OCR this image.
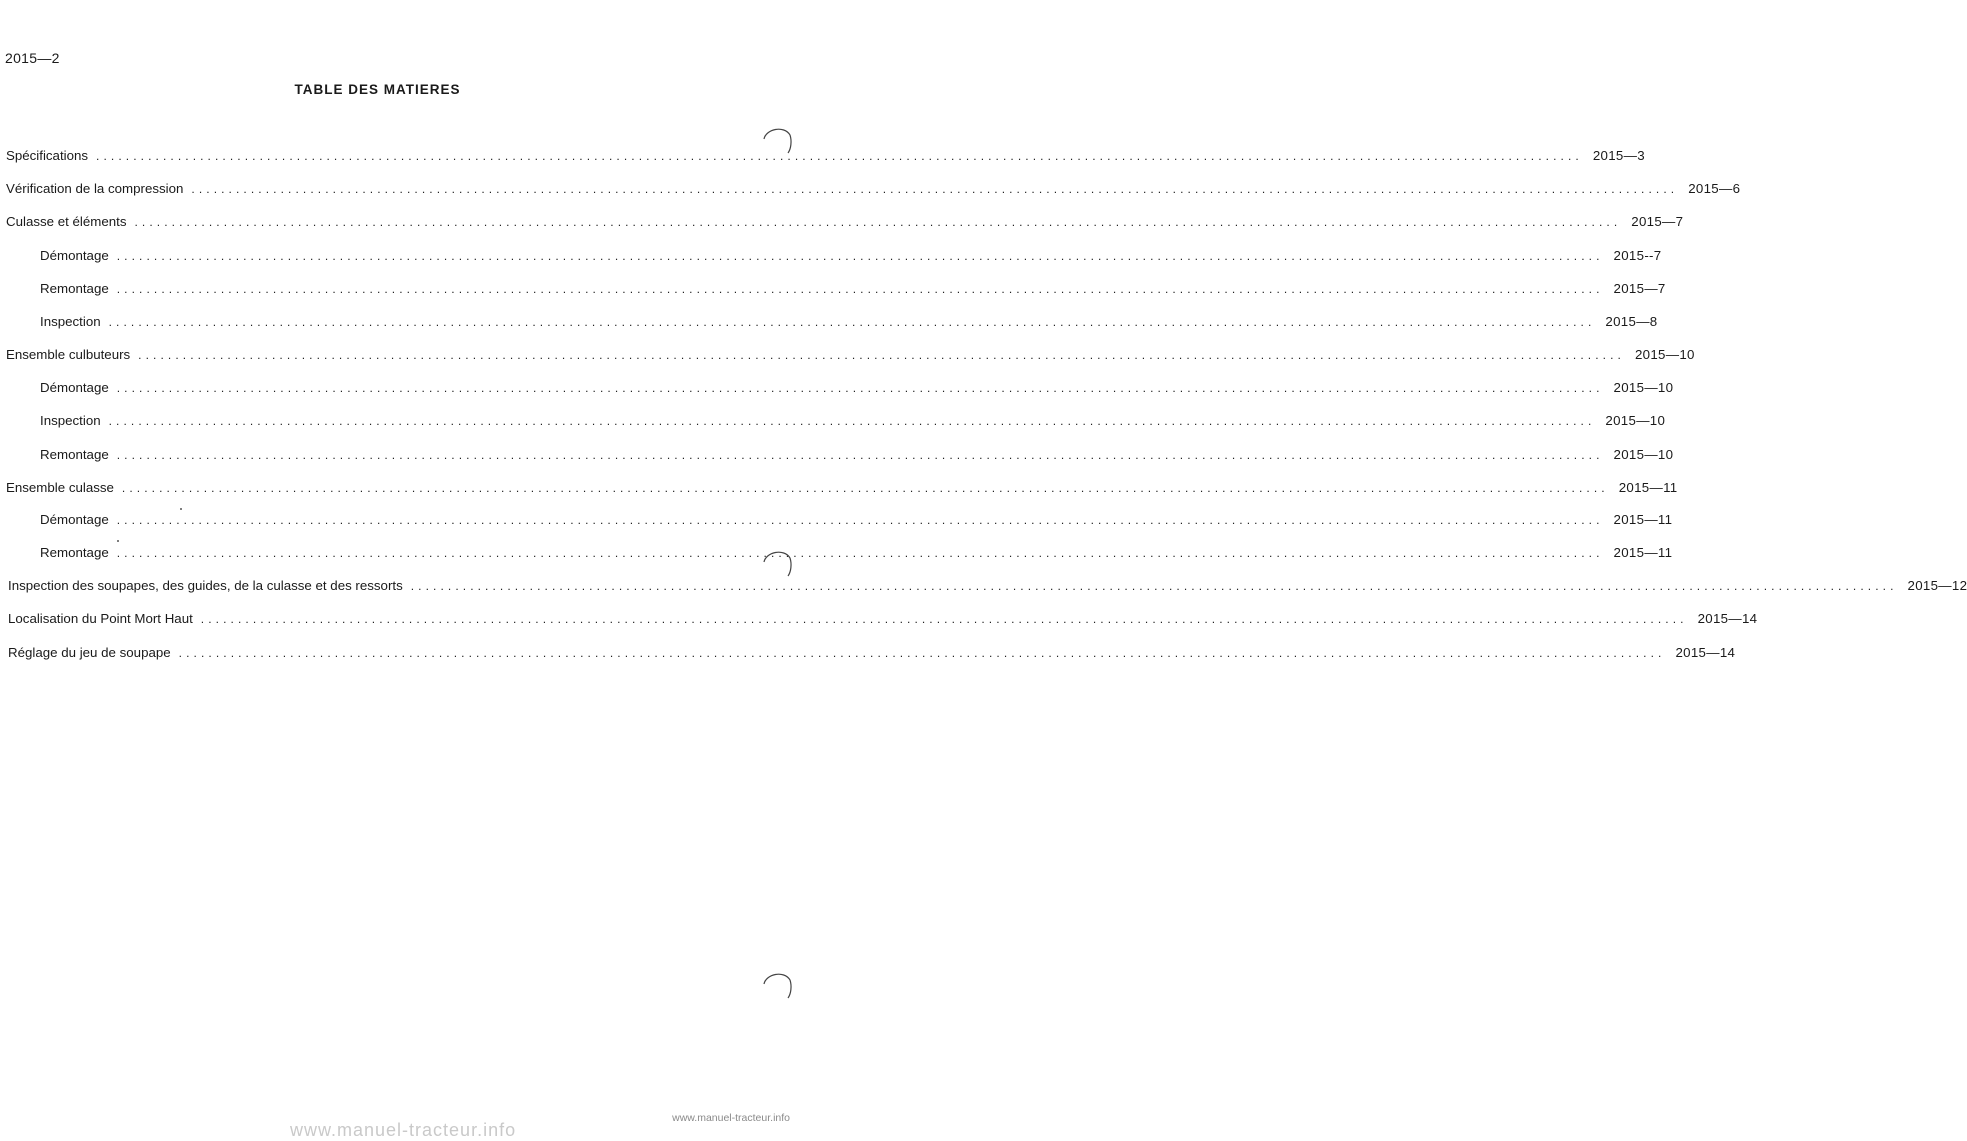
2015—2
TABLE DES MATIERES
Spécifications ........................................................................................................................................................................................................ 2015—3
Vérification de la compression ........................................................................................................................................................................................................ 2015—6
Culasse et éléments ........................................................................................................................................................................................................ 2015—7
Démontage ........................................................................................................................................................................................................ 2015--7
Remontage ........................................................................................................................................................................................................ 2015—7
Inspection ........................................................................................................................................................................................................ 2015—8
Ensemble culbuteurs ........................................................................................................................................................................................................ 2015—10
Démontage ........................................................................................................................................................................................................ 2015—10
Inspection ........................................................................................................................................................................................................ 2015—10
Remontage ........................................................................................................................................................................................................ 2015—10
Ensemble culasse ........................................................................................................................................................................................................ 2015—11
Démontage ........................................................................................................................................................................................................ 2015—11
Remontage ........................................................................................................................................................................................................ 2015—11
Inspection des soupapes, des guides, de la culasse et des ressorts ........................................................................................................................................................................................................ 2015—12
Localisation du Point Mort Haut ........................................................................................................................................................................................................ 2015—14
Réglage du jeu de soupape ........................................................................................................................................................................................................ 2015—14
www.manuel-tracteur.info
www.manuel-tracteur.info
